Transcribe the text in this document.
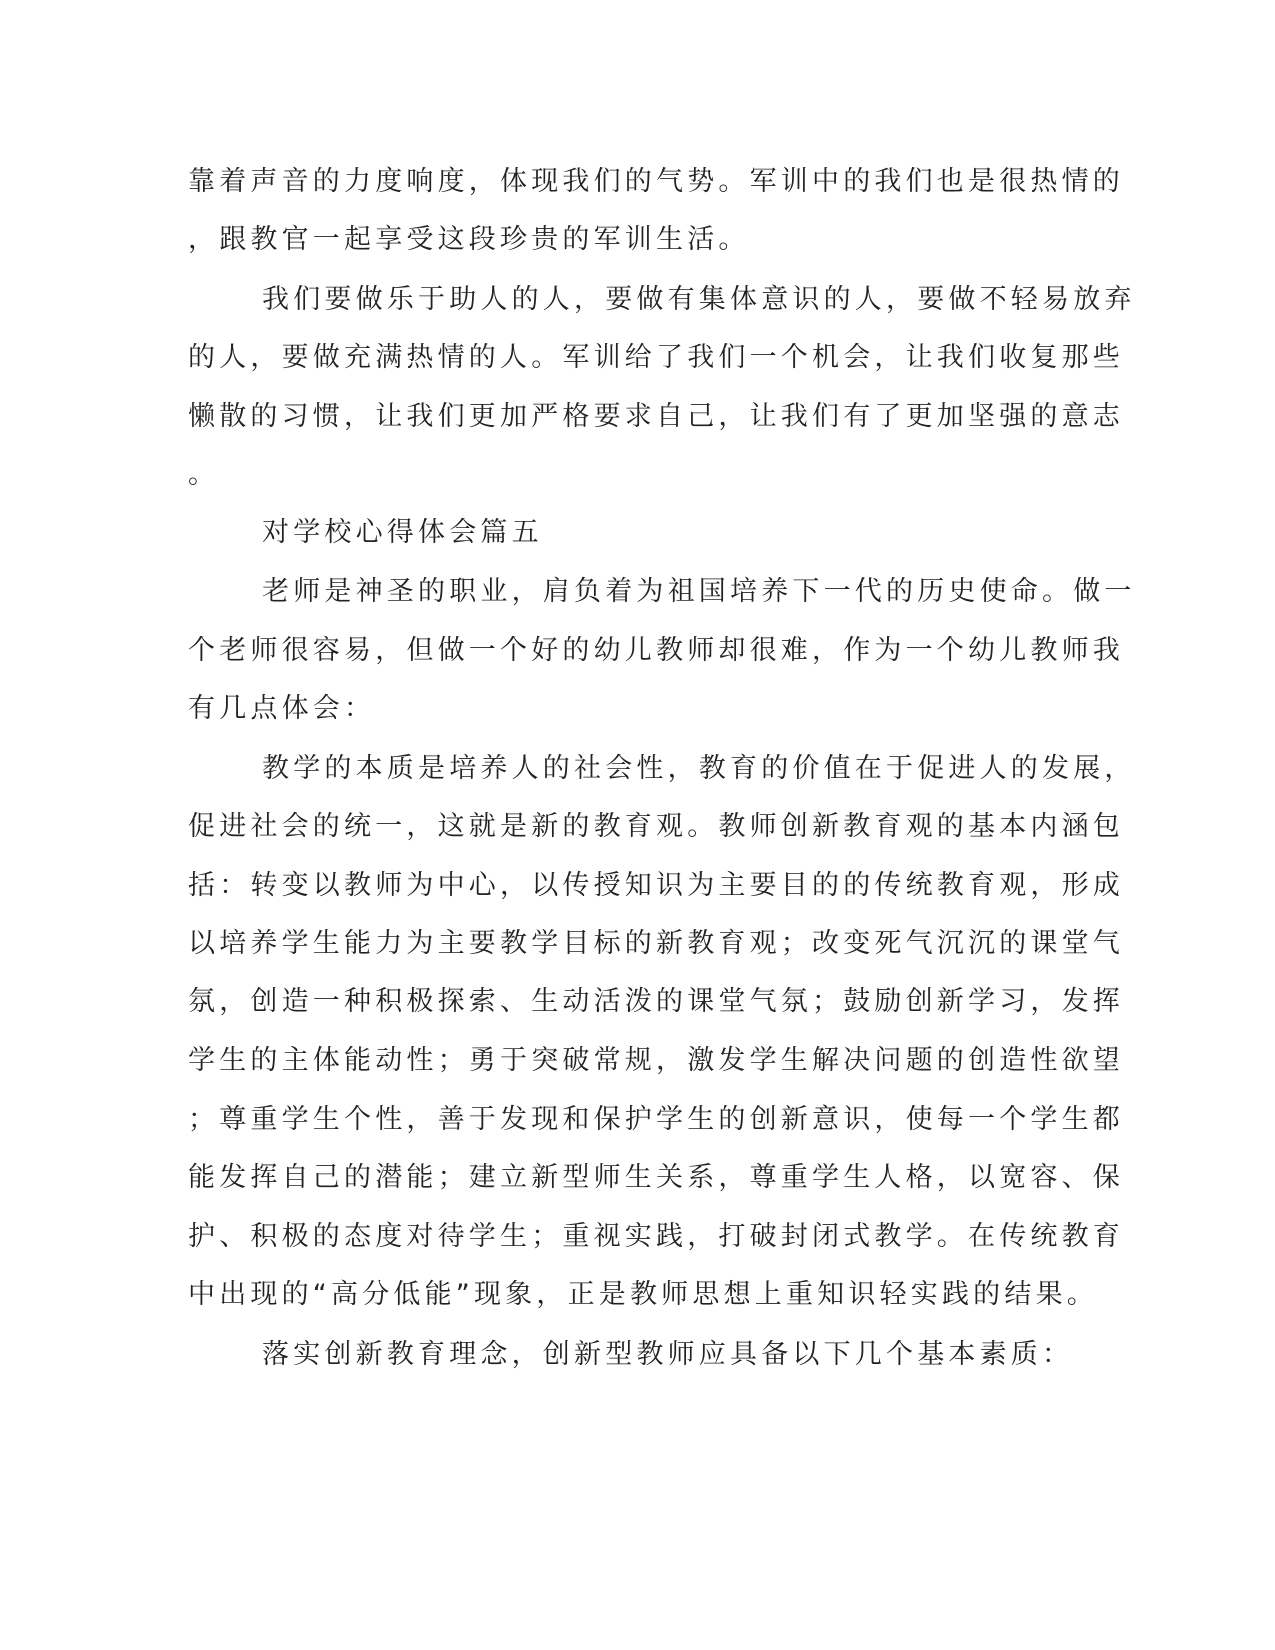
靠着声音的力度响度，体现我们的气势。军训中的我们也是很热情的
，跟教官一起享受这段珍贵的军训生活。
我们要做乐于助人的人，要做有集体意识的人，要做不轻易放弃
的人，要做充满热情的人。军训给了我们一个机会，让我们收复那些
懒散的习惯，让我们更加严格要求自己，让我们有了更加坚强的意志
。
对学校心得体会篇五
老师是神圣的职业，肩负着为祖国培养下一代的历史使命。做一
个老师很容易，但做一个好的幼儿教师却很难，作为一个幼儿教师我
有几点体会：
教学的本质是培养人的社会性，教育的价值在于促进人的发展，
促进社会的统一，这就是新的教育观。教师创新教育观的基本内涵包
括：转变以教师为中心，以传授知识为主要目的的传统教育观，形成
以培养学生能力为主要教学目标的新教育观；改变死气沉沉的课堂气
氛，创造一种积极探索、生动活泼的课堂气氛；鼓励创新学习，发挥
学生的主体能动性；勇于突破常规，激发学生解决问题的创造性欲望
；尊重学生个性，善于发现和保护学生的创新意识，使每一个学生都
能发挥自己的潜能；建立新型师生关系，尊重学生人格，以宽容、保
护、积极的态度对待学生；重视实践，打破封闭式教学。在传统教育
中出现的“高分低能”现象，正是教师思想上重知识轻实践的结果。
落实创新教育理念，创新型教师应具备以下几个基本素质：
